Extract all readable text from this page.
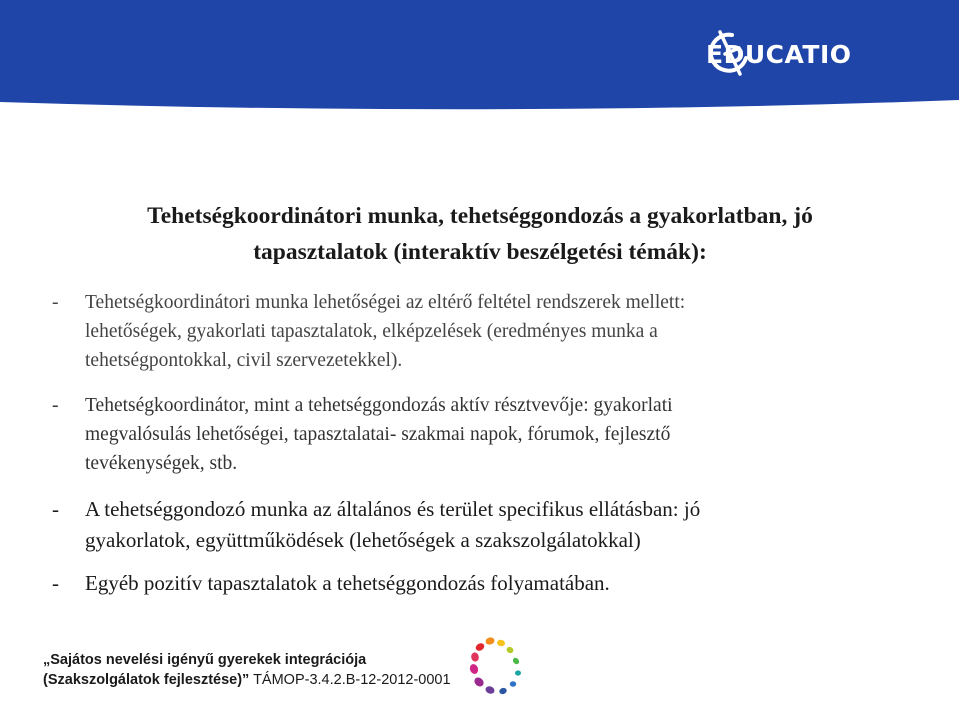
EDUCATIO
Tehetségkoordinátori munka, tehetséggondozás a gyakorlatban, jó
tapasztalatok (interaktív beszélgetési témák):
-	Tehetségkoordinátori munka lehetőségei az eltérő feltétel rendszerek mellett:
lehetőségek, gyakorlati tapasztalatok, elképzelések (eredményes munka a
tehetségpontokkal, civil szervezetekkel).
-	Tehetségkoordinátor, mint a tehetséggondozás aktív résztvevője: gyakorlati
megvalósulás lehetőségei, tapasztalatai- szakmai napok, fórumok, fejlesztő
tevékenységek, stb.
-	A tehetséggondozó munka az általános és terület specifikus ellátásban: jó
gyakorlatok, együttműködések (lehetőségek a szakszolgálatokkal)
-	Egyéb pozitív tapasztalatok a tehetséggondozás folyamatában.
„Sajátos nevelési igényű gyerekek integrációja
(Szakszolgálatok fejlesztése)” TÁMOP-3.4.2.B-12-2012-0001
